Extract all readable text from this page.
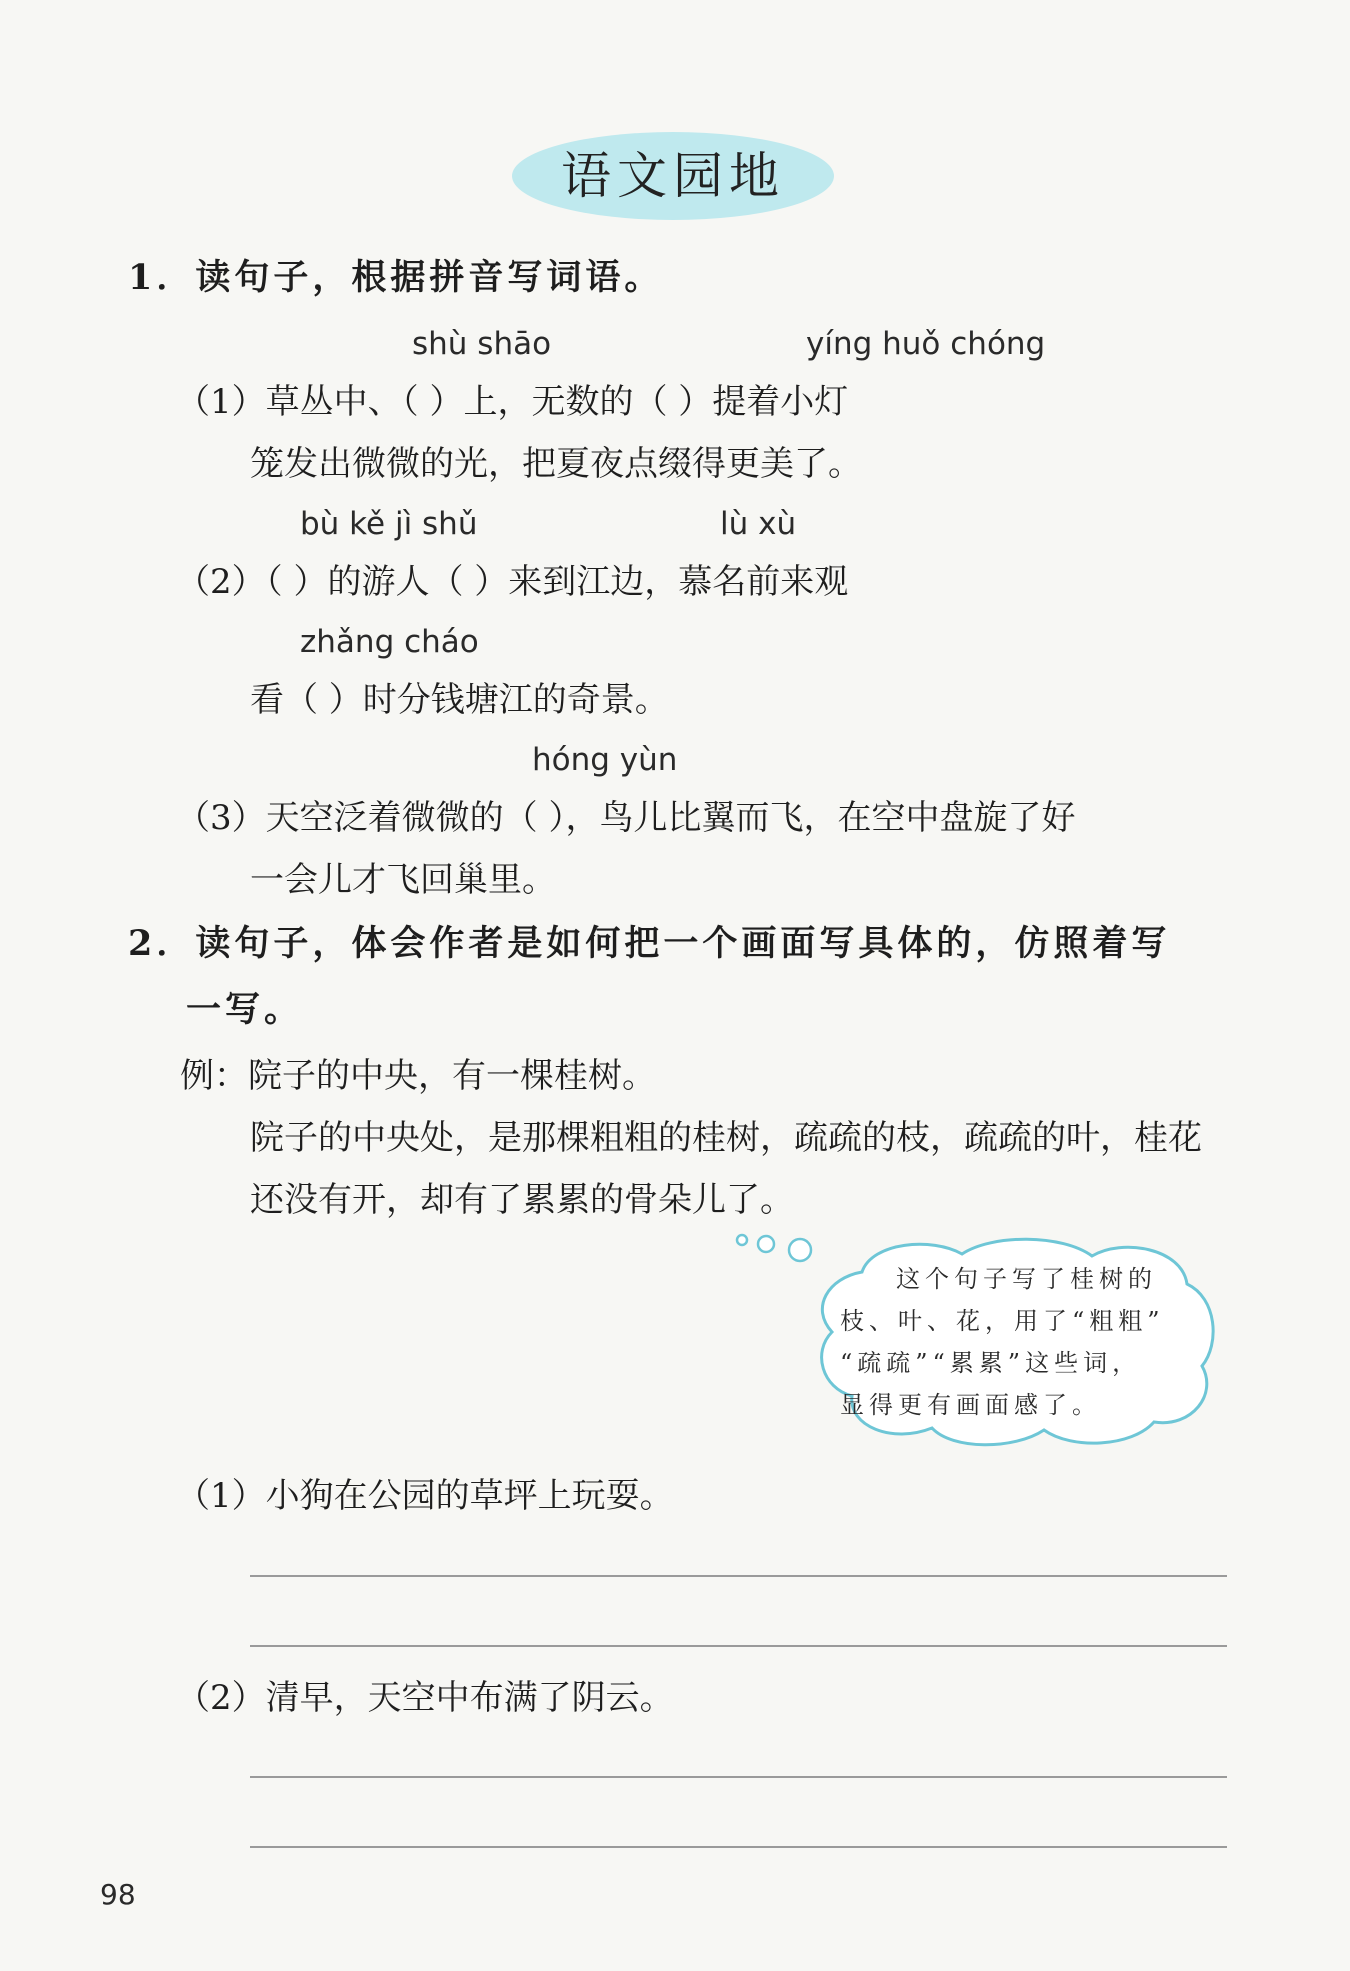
语文园地
1．读句子，根据拼音写词语。
shù shāo	yíng huǒ chóng
（1）草丛中、（ ）上，无数的（ ）提着小灯
笼发出微微的光，把夏夜点缀得更美了。
bù kě jì shǔ	lù xù
（2）（ ）的游人（ ）来到江边，慕名前来观
zhǎng cháo
看（ ）时分钱塘江的奇景。
hóng yùn
（3）天空泛着微微的（ ），鸟儿比翼而飞，在空中盘旋了好
一会儿才飞回巢里。
2．读句子，体会作者是如何把一个画面写具体的，仿照着写
一写。
例：院子的中央，有一棵桂树。
院子的中央处，是那棵粗粗的桂树，疏疏的枝，疏疏的叶，桂花
还没有开，却有了累累的骨朵儿了。
这个句子写了桂树的
枝、叶、花，用了“粗粗”
“疏疏”“累累”这些词，
显得更有画面感了。
（1）小狗在公园的草坪上玩耍。
（2）清早，天空中布满了阴云。
98
